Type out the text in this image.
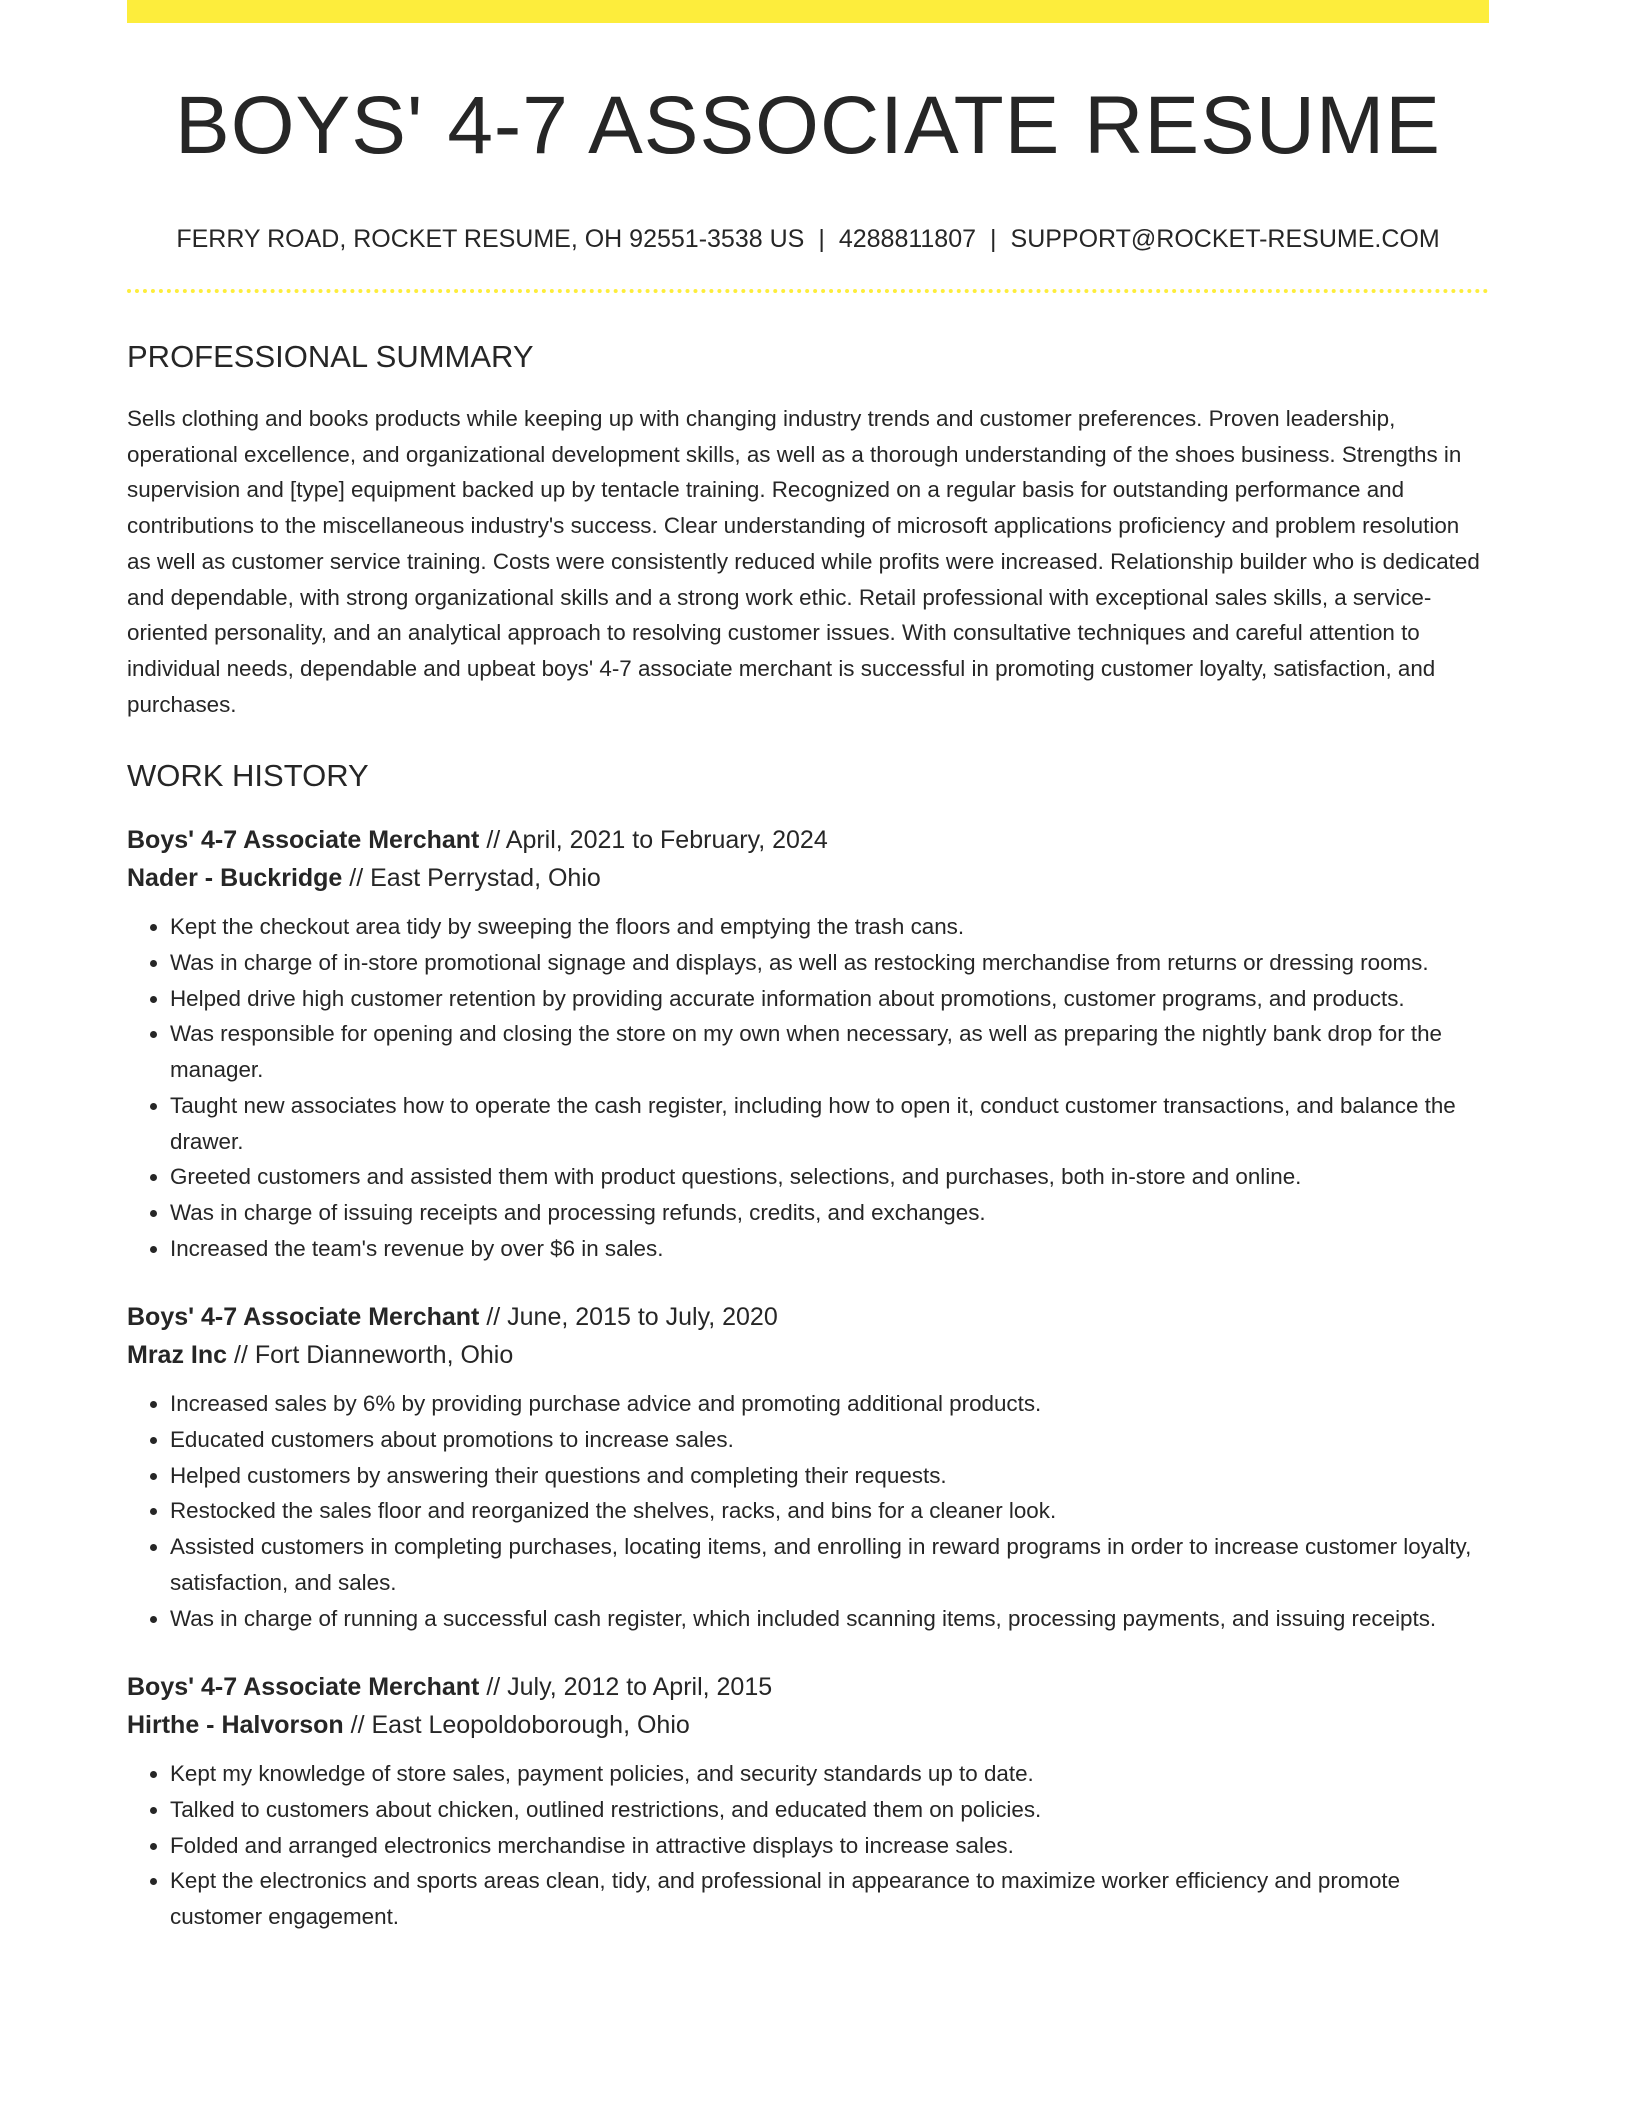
BOYS' 4-7 ASSOCIATE RESUME
FERRY ROAD, ROCKET RESUME, OH 92551-3538 US | 4288811807 | SUPPORT@ROCKET-RESUME.COM
PROFESSIONAL SUMMARY

Sells clothing and books products while keeping up with changing industry trends and customer preferences. Proven leadership, operational excellence, and organizational development skills, as well as a thorough understanding of the shoes business. Strengths in supervision and [type] equipment backed up by tentacle training. Recognized on a regular basis for outstanding performance and contributions to the miscellaneous industry's success. Clear understanding of microsoft applications proficiency and problem resolution as well as customer service training. Costs were consistently reduced while profits were increased. Relationship builder who is dedicated and dependable, with strong organizational skills and a strong work ethic. Retail professional with exceptional sales skills, a service-oriented personality, and an analytical approach to resolving customer issues. With consultative techniques and careful attention to individual needs, dependable and upbeat boys' 4-7 associate merchant is successful in promoting customer loyalty, satisfaction, and purchases.

WORK HISTORY

Boys' 4-7 Associate Merchant // April, 2021 to February, 2024

Nader - Buckridge // East Perrystad, Ohio

• Kept the checkout area tidy by sweeping the floors and emptying the trash cans.
• Was in charge of in-store promotional signage and displays, as well as restocking merchandise from returns or dressing rooms.
• Helped drive high customer retention by providing accurate information about promotions, customer programs, and products.
• Was responsible for opening and closing the store on my own when necessary, as well as preparing the nightly bank drop for the manager.
• Taught new associates how to operate the cash register, including how to open it, conduct customer transactions, and balance the drawer.
• Greeted customers and assisted them with product questions, selections, and purchases, both in-store and online.
• Was in charge of issuing receipts and processing refunds, credits, and exchanges.
• Increased the team's revenue by over $6 in sales.

Boys' 4-7 Associate Merchant // June, 2015 to July, 2020

Mraz Inc // Fort Dianneworth, Ohio

• Increased sales by 6% by providing purchase advice and promoting additional products.
• Educated customers about promotions to increase sales.
• Helped customers by answering their questions and completing their requests.
• Restocked the sales floor and reorganized the shelves, racks, and bins for a cleaner look.
• Assisted customers in completing purchases, locating items, and enrolling in reward programs in order to increase customer loyalty, satisfaction, and sales.
• Was in charge of running a successful cash register, which included scanning items, processing payments, and issuing receipts.

Boys' 4-7 Associate Merchant // July, 2012 to April, 2015

Hirthe - Halvorson // East Leopoldoborough, Ohio

• Kept my knowledge of store sales, payment policies, and security standards up to date.
• Talked to customers about chicken, outlined restrictions, and educated them on policies.
• Folded and arranged electronics merchandise in attractive displays to increase sales.
• Kept the electronics and sports areas clean, tidy, and professional in appearance to maximize worker efficiency and promote customer engagement.
